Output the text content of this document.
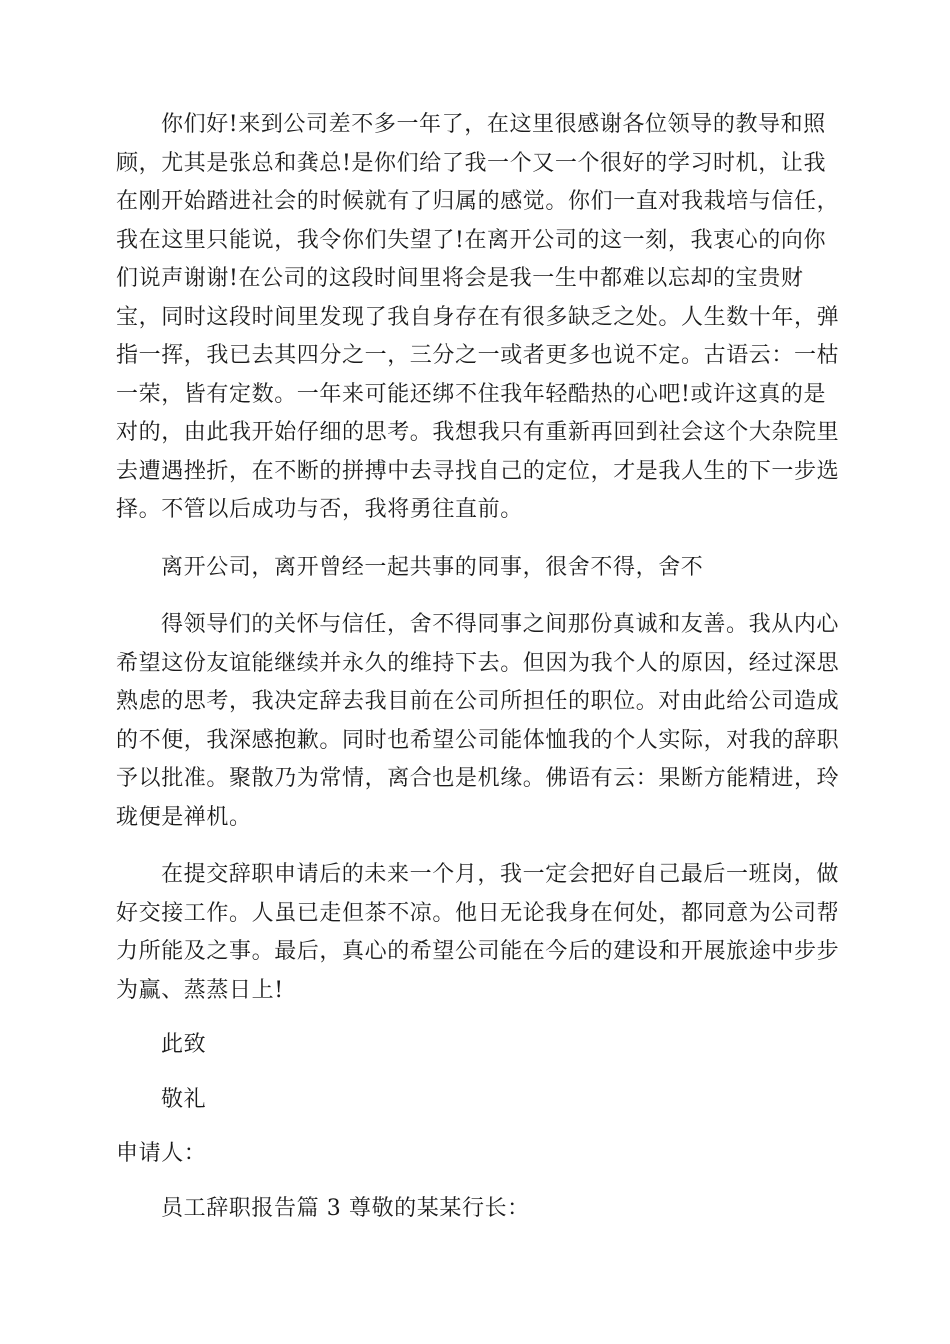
你们好!来到公司差不多一年了，在这里很感谢各位领导的教导和照
顾，尤其是张总和龚总!是你们给了我一个又一个很好的学习时机，让我
在刚开始踏进社会的时候就有了归属的感觉。你们一直对我栽培与信任，
我在这里只能说，我令你们失望了!在离开公司的这一刻，我衷心的向你
们说声谢谢!在公司的这段时间里将会是我一生中都难以忘却的宝贵财
宝，同时这段时间里发现了我自身存在有很多缺乏之处。人生数十年，弹
指一挥，我已去其四分之一，三分之一或者更多也说不定。古语云：一枯
一荣，皆有定数。一年来可能还绑不住我年轻酷热的心吧!或许这真的是
对的，由此我开始仔细的思考。我想我只有重新再回到社会这个大杂院里
去遭遇挫折，在不断的拼搏中去寻找自己的定位，才是我人生的下一步选
择。不管以后成功与否，我将勇往直前。
离开公司，离开曾经一起共事的同事，很舍不得，舍不
得领导们的关怀与信任，舍不得同事之间那份真诚和友善。我从内心
希望这份友谊能继续并永久的维持下去。但因为我个人的原因，经过深思
熟虑的思考，我决定辞去我目前在公司所担任的职位。对由此给公司造成
的不便，我深感抱歉。同时也希望公司能体恤我的个人实际，对我的辞职
予以批准。聚散乃为常情，离合也是机缘。佛语有云：果断方能精进，玲
珑便是禅机。
在提交辞职申请后的未来一个月，我一定会把好自己最后一班岗，做
好交接工作。人虽已走但茶不凉。他日无论我身在何处，都同意为公司帮
力所能及之事。最后，真心的希望公司能在今后的建设和开展旅途中步步
为赢、蒸蒸日上!
此致
敬礼
申请人：
员工辞职报告篇 3 尊敬的某某行长：
